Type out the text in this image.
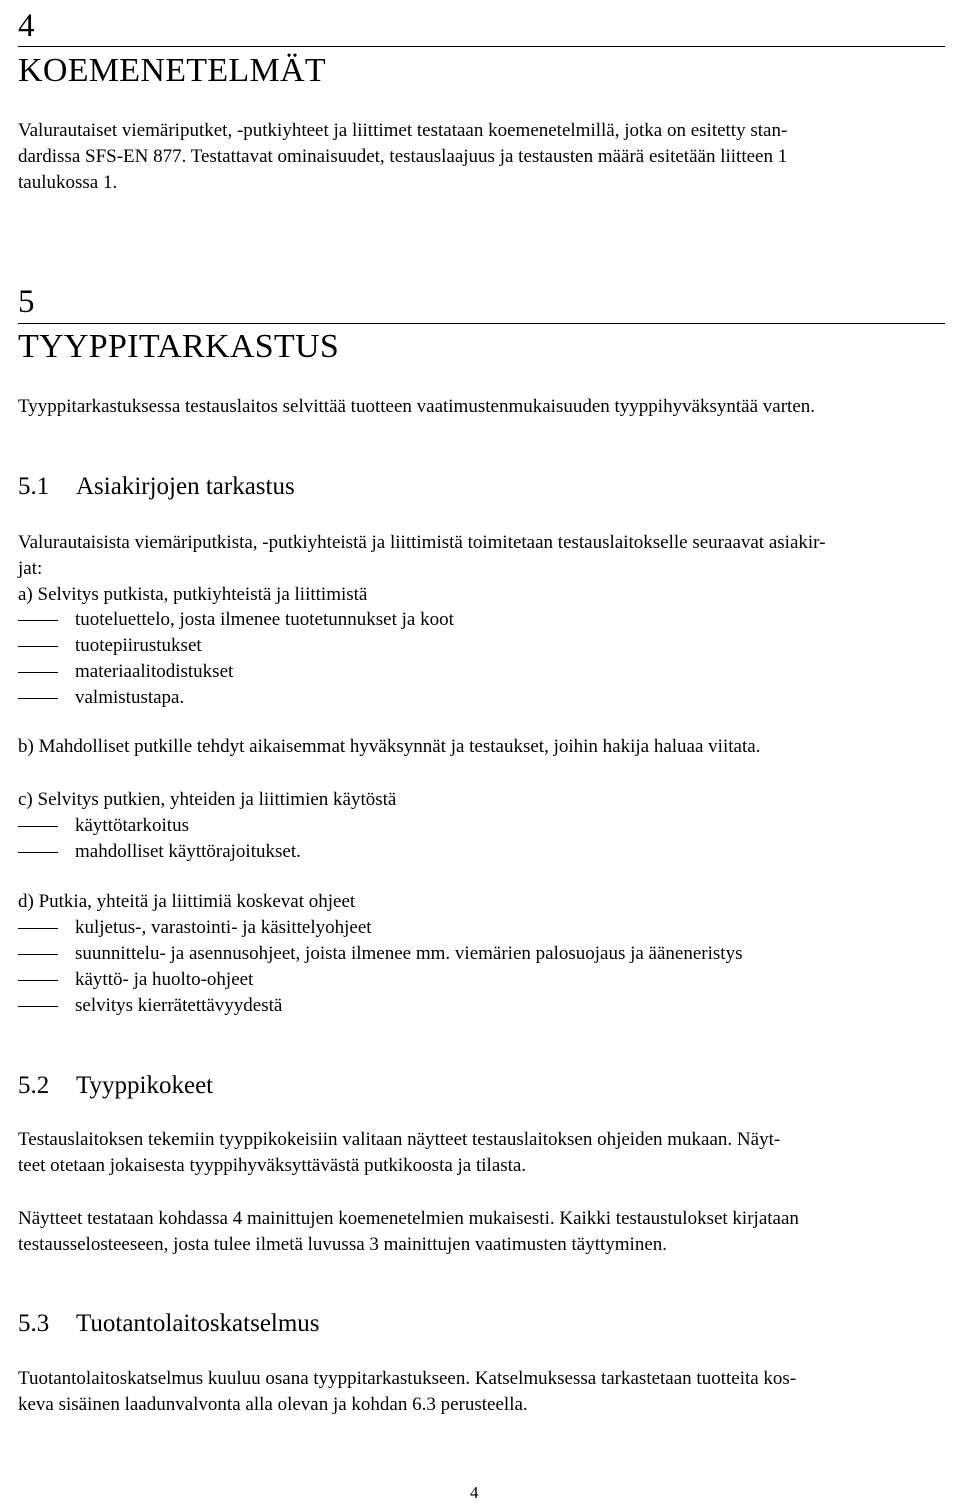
4
KOEMENETELMÄT
Valurautaiset viemäriputket, -putkiyhteet ja liittimet testataan koemenetelmillä, jotka on esitetty stan-
dardissa SFS-EN 877. Testattavat ominaisuudet, testauslaajuus ja testausten määrä esitetään liitteen 1
taulukossa 1.
5
TYYPPITARKASTUS
Tyyppitarkastuksessa testauslaitos selvittää tuotteen vaatimustenmukaisuuden tyyppihyväksyntää varten.
5.1 Asiakirjojen tarkastus
Valurautaisista viemäriputkista, -putkiyhteistä ja liittimistä toimitetaan testauslaitokselle seuraavat asiakir-
jat:
a) Selvitys putkista, putkiyhteistä ja liittimistä
tuoteluettelo, josta ilmenee tuotetunnukset ja koot
tuotepiirustukset
materiaalitodistukset
valmistustapa.
b) Mahdolliset putkille tehdyt aikaisemmat hyväksynnät ja testaukset, joihin hakija haluaa viitata.
c) Selvitys putkien, yhteiden ja liittimien käytöstä
käyttötarkoitus
mahdolliset käyttörajoitukset.
d) Putkia, yhteitä ja liittimiä koskevat ohjeet
kuljetus-, varastointi- ja käsittelyohjeet
suunnittelu- ja asennusohjeet, joista ilmenee mm. viemärien palosuojaus ja ääneneristys
käyttö- ja huolto-ohjeet
selvitys kierrätettävyydestä
5.2 Tyyppikokeet
Testauslaitoksen tekemiin tyyppikokeisiin valitaan näytteet testauslaitoksen ohjeiden mukaan. Näyt-
teet otetaan jokaisesta tyyppihyväksyttävästä putkikoosta ja tilasta.
Näytteet testataan kohdassa 4 mainittujen koemenetelmien mukaisesti. Kaikki testaustulokset kirjataan
testausselosteeseen, josta tulee ilmetä luvussa 3 mainittujen vaatimusten täyttyminen.
5.3 Tuotantolaitoskatselmus
Tuotantolaitoskatselmus kuuluu osana tyyppitarkastukseen. Katselmuksessa tarkastetaan tuotteita kos-
keva sisäinen laadunvalvonta alla olevan ja kohdan 6.3 perusteella.
4
